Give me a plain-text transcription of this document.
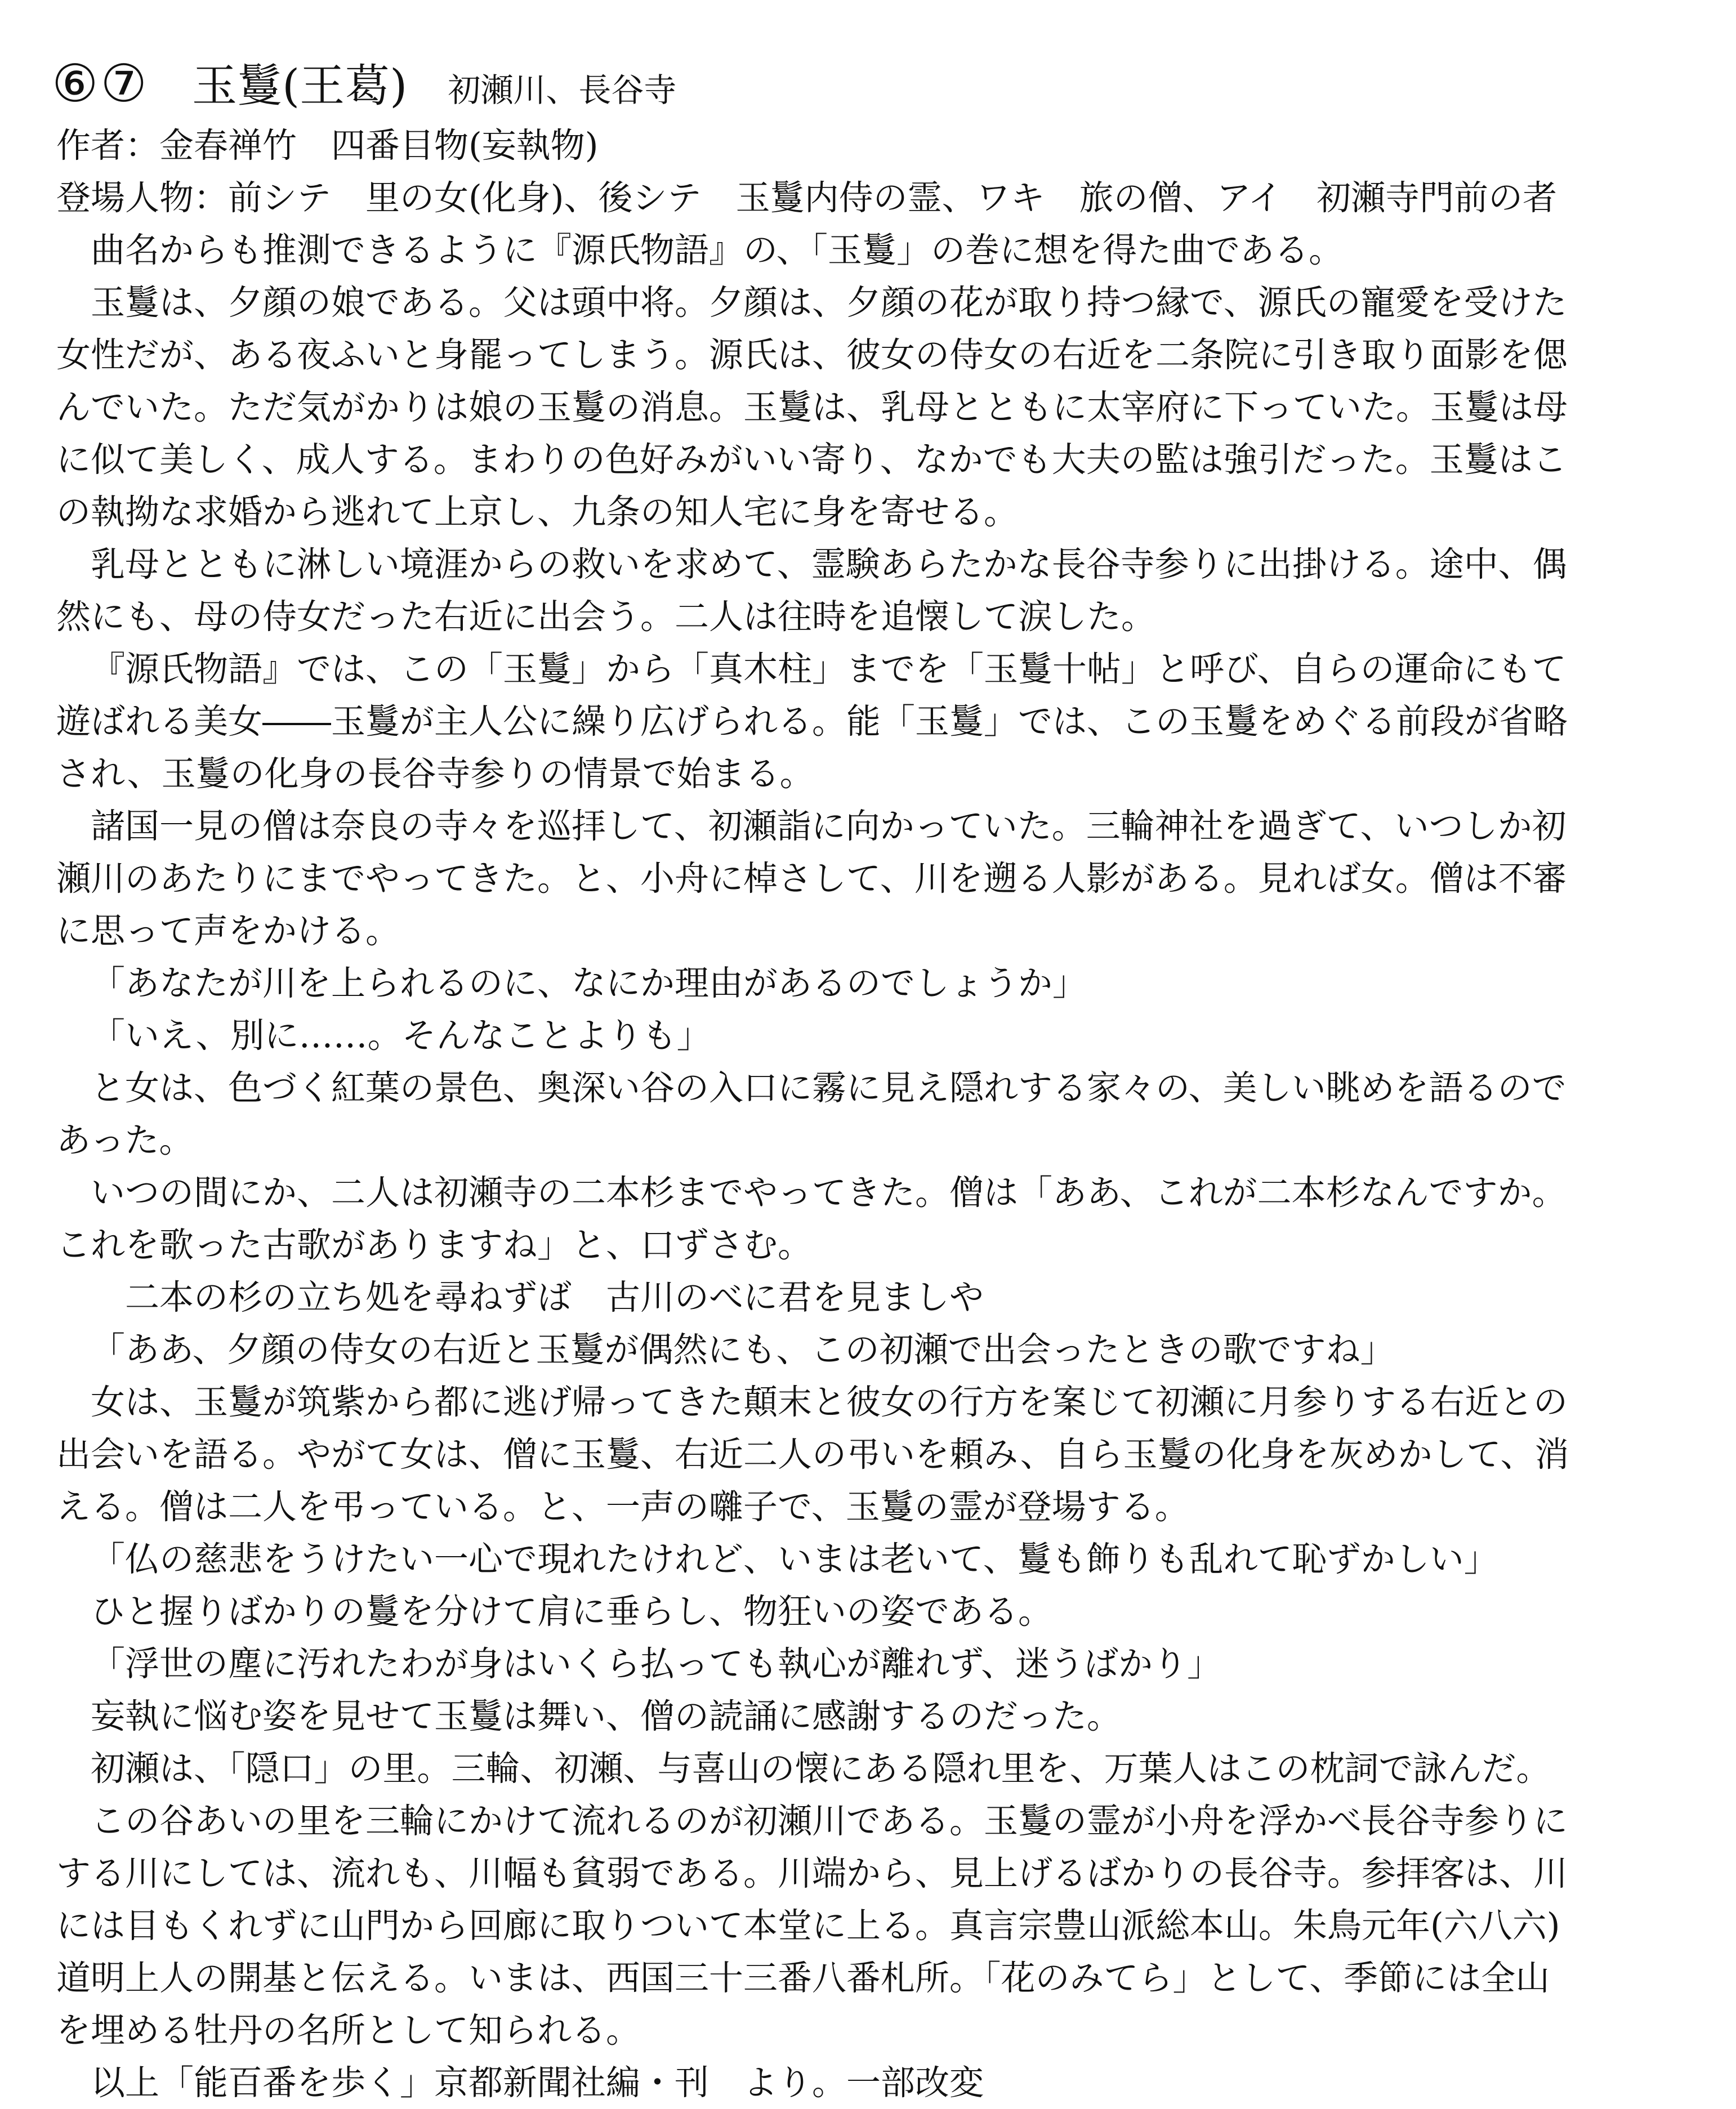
⑥⑦ 玉鬘(王葛) 初瀬川、長谷寺
作者：金春禅竹　四番目物(妄執物)
登場人物：前シテ　里の女(化身)、後シテ　玉鬘内侍の霊、ワキ　旅の僧、アイ　初瀬寺門前の者
曲名からも推測できるように『源氏物語』の、「玉鬘」の巻に想を得た曲である。
玉鬘は、夕顔の娘である。父は頭中将。夕顔は、夕顔の花が取り持つ縁で、源氏の寵愛を受けた
女性だが、ある夜ふいと身罷ってしまう。源氏は、彼女の侍女の右近を二条院に引き取り面影を偲
んでいた。ただ気がかりは娘の玉鬘の消息。玉鬘は、乳母とともに太宰府に下っていた。玉鬘は母
に似て美しく、成人する。まわりの色好みがいい寄り、なかでも大夫の監は強引だった。玉鬘はこ
の執拗な求婚から逃れて上京し、九条の知人宅に身を寄せる。
乳母とともに淋しい境涯からの救いを求めて、霊験あらたかな長谷寺参りに出掛ける。途中、偶
然にも、母の侍女だった右近に出会う。二人は往時を追懐して涙した。
『源氏物語』では、この「玉鬘」から「真木柱」までを「玉鬘十帖」と呼び、自らの運命にもて
遊ばれる美女――玉鬘が主人公に繰り広げられる。能「玉鬘」では、この玉鬘をめぐる前段が省略
され、玉鬘の化身の長谷寺参りの情景で始まる。
諸国一見の僧は奈良の寺々を巡拝して、初瀬詣に向かっていた。三輪神社を過ぎて、いつしか初
瀬川のあたりにまでやってきた。と、小舟に棹さして、川を遡る人影がある。見れば女。僧は不審
に思って声をかける。
「あなたが川を上られるのに、なにか理由があるのでしょうか」
「いえ、別に……。そんなことよりも」
と女は、色づく紅葉の景色、奥深い谷の入口に霧に見え隠れする家々の、美しい眺めを語るので
あった。
いつの間にか、二人は初瀬寺の二本杉までやってきた。僧は「ああ、これが二本杉なんですか。
これを歌った古歌がありますね」と、口ずさむ。
二本の杉の立ち処を尋ねずば　古川のべに君を見ましや
「ああ、夕顔の侍女の右近と玉鬘が偶然にも、この初瀬で出会ったときの歌ですね」
女は、玉鬘が筑紫から都に逃げ帰ってきた顛末と彼女の行方を案じて初瀬に月参りする右近との
出会いを語る。やがて女は、僧に玉鬘、右近二人の弔いを頼み、自ら玉鬘の化身を灰めかして、消
える。僧は二人を弔っている。と、一声の囃子で、玉鬘の霊が登場する。
「仏の慈悲をうけたい一心で現れたけれど、いまは老いて、鬘も飾りも乱れて恥ずかしい」
ひと握りばかりの鬘を分けて肩に垂らし、物狂いの姿である。
「浮世の塵に汚れたわが身はいくら払っても執心が離れず、迷うばかり」
妄執に悩む姿を見せて玉鬘は舞い、僧の読誦に感謝するのだった。
初瀬は、「隠口」の里。三輪、初瀬、与喜山の懐にある隠れ里を、万葉人はこの枕詞で詠んだ。
この谷あいの里を三輪にかけて流れるのが初瀬川である。玉鬘の霊が小舟を浮かべ長谷寺参りに
する川にしては、流れも、川幅も貧弱である。川端から、見上げるばかりの長谷寺。参拝客は、川
には目もくれずに山門から回廊に取りついて本堂に上る。真言宗豊山派総本山。朱鳥元年(六八六)
道明上人の開基と伝える。いまは、西国三十三番八番札所。「花のみてら」として、季節には全山
を埋める牡丹の名所として知られる。
以上「能百番を歩く」京都新聞社編・刊　より。一部改変
